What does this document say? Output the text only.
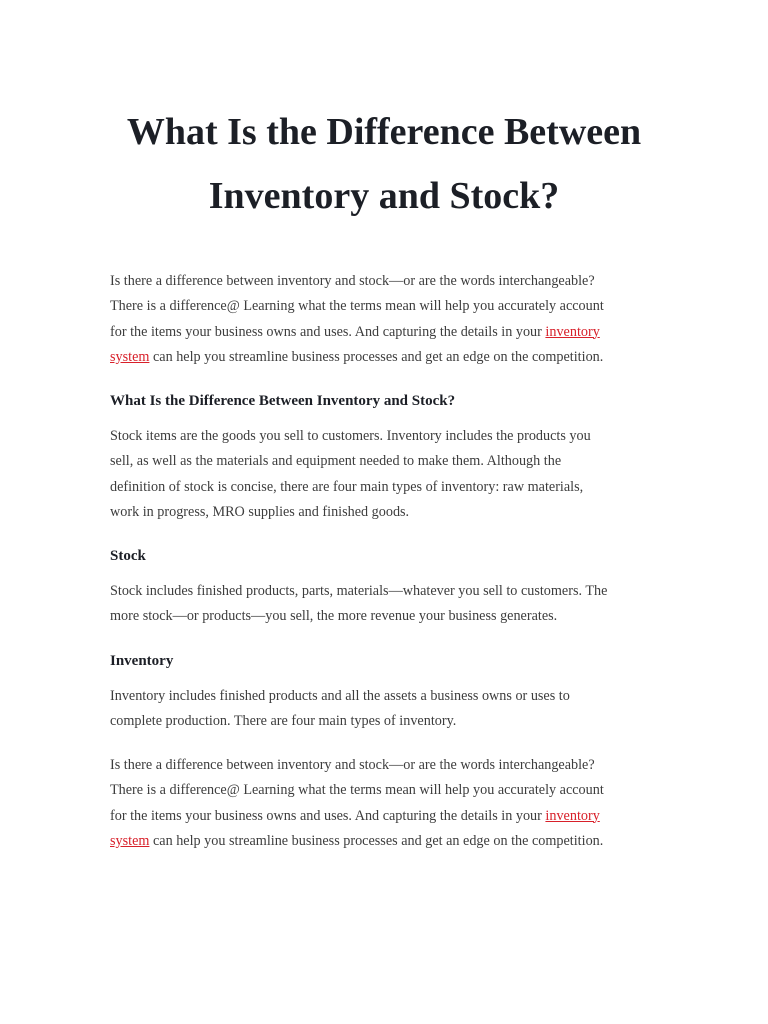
What Is the Difference Between
Inventory and Stock?

Is there a difference between inventory and stock—or are the words interchangeable?
There is a difference@ Learning what the terms mean will help you accurately account
for the items your business owns and uses. And capturing the details in your inventory
system can help you streamline business processes and get an edge on the competition.

What Is the Difference Between Inventory and Stock?

Stock items are the goods you sell to customers. Inventory includes the products you
sell, as well as the materials and equipment needed to make them. Although the
definition of stock is concise, there are four main types of inventory: raw materials,
work in progress, MRO supplies and finished goods.

Stock

Stock includes finished products, parts, materials—whatever you sell to customers. The
more stock—or products—you sell, the more revenue your business generates.

Inventory

Inventory includes finished products and all the assets a business owns or uses to
complete production. There are four main types of inventory.

Is there a difference between inventory and stock—or are the words interchangeable?
There is a difference@ Learning what the terms mean will help you accurately account
for the items your business owns and uses. And capturing the details in your inventory
system can help you streamline business processes and get an edge on the competition.
